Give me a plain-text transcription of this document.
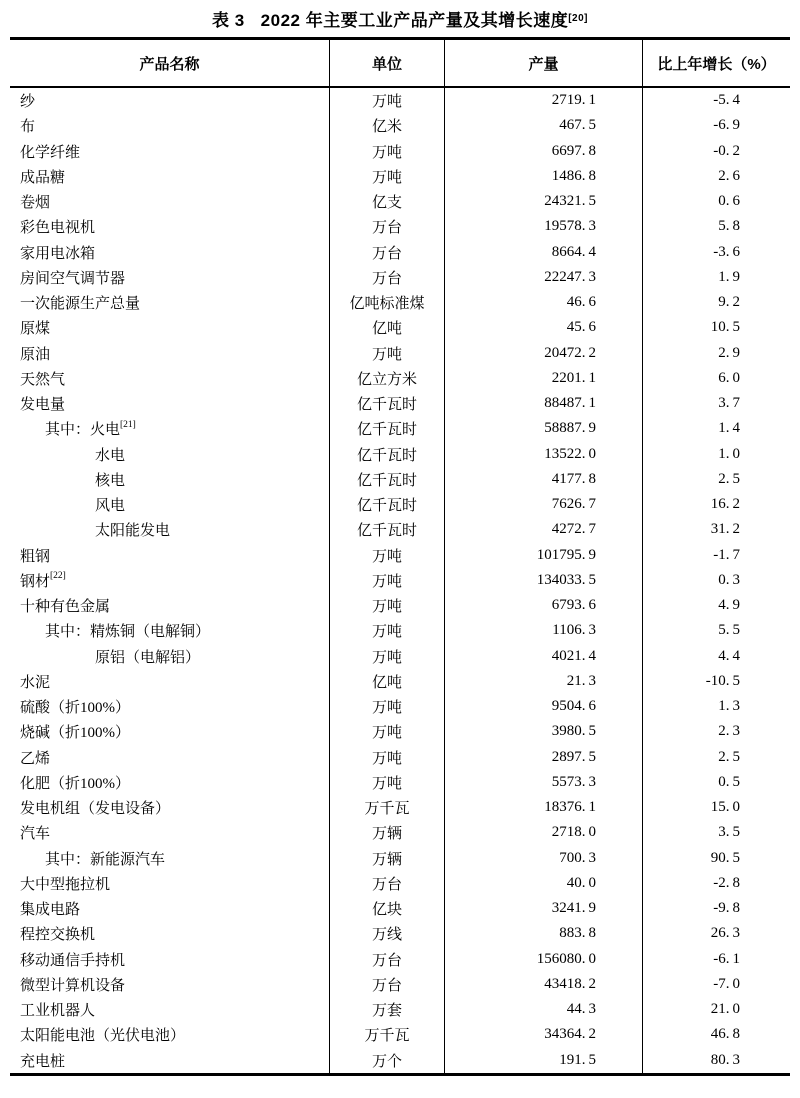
表 3 2022 年主要工业产品产量及其增长速度 [20]
产品名称	单位	产量	比上年增长（%）
纱	万吨	2719. 1	-5. 4
布	亿米	467. 5	-6. 9
化学纤维	万吨	6697. 8	-0. 2
成品糖	万吨	1486. 8	2. 6
卷烟	亿支	24321. 5	0. 6
彩色电视机	万台	19578. 3	5. 8
家用电冰箱	万台	8664. 4	-3. 6
房间空气调节器	万台	22247. 3	1. 9
一次能源生产总量	亿吨标准煤	46. 6	9. 2
原煤	亿吨	45. 6	10. 5
原油	万吨	20472. 2	2. 9
天然气	亿立方米	2201. 1	6. 0
发电量	亿千瓦时	88487. 1	3. 7
其中：火电[21]	亿千瓦时	58887. 9	1. 4
水电	亿千瓦时	13522. 0	1. 0
核电	亿千瓦时	4177. 8	2. 5
风电	亿千瓦时	7626. 7	16. 2
太阳能发电	亿千瓦时	4272. 7	31. 2
粗钢	万吨	101795. 9	-1. 7
钢材[22]	万吨	134033. 5	0. 3
十种有色金属	万吨	6793. 6	4. 9
其中：精炼铜（电解铜）	万吨	1106. 3	5. 5
原铝（电解铝）	万吨	4021. 4	4. 4
水泥	亿吨	21. 3	-10. 5
硫酸（折100%）	万吨	9504. 6	1. 3
烧碱（折100%）	万吨	3980. 5	2. 3
乙烯	万吨	2897. 5	2. 5
化肥（折100%）	万吨	5573. 3	0. 5
发电机组（发电设备）	万千瓦	18376. 1	15. 0
汽车	万辆	2718. 0	3. 5
其中：新能源汽车	万辆	700. 3	90. 5
大中型拖拉机	万台	40. 0	-2. 8
集成电路	亿块	3241. 9	-9. 8
程控交换机	万线	883. 8	26. 3
移动通信手持机	万台	156080. 0	-6. 1
微型计算机设备	万台	43418. 2	-7. 0
工业机器人	万套	44. 3	21. 0
太阳能电池（光伏电池）	万千瓦	34364. 2	46. 8
充电桩	万个	191. 5	80. 3
